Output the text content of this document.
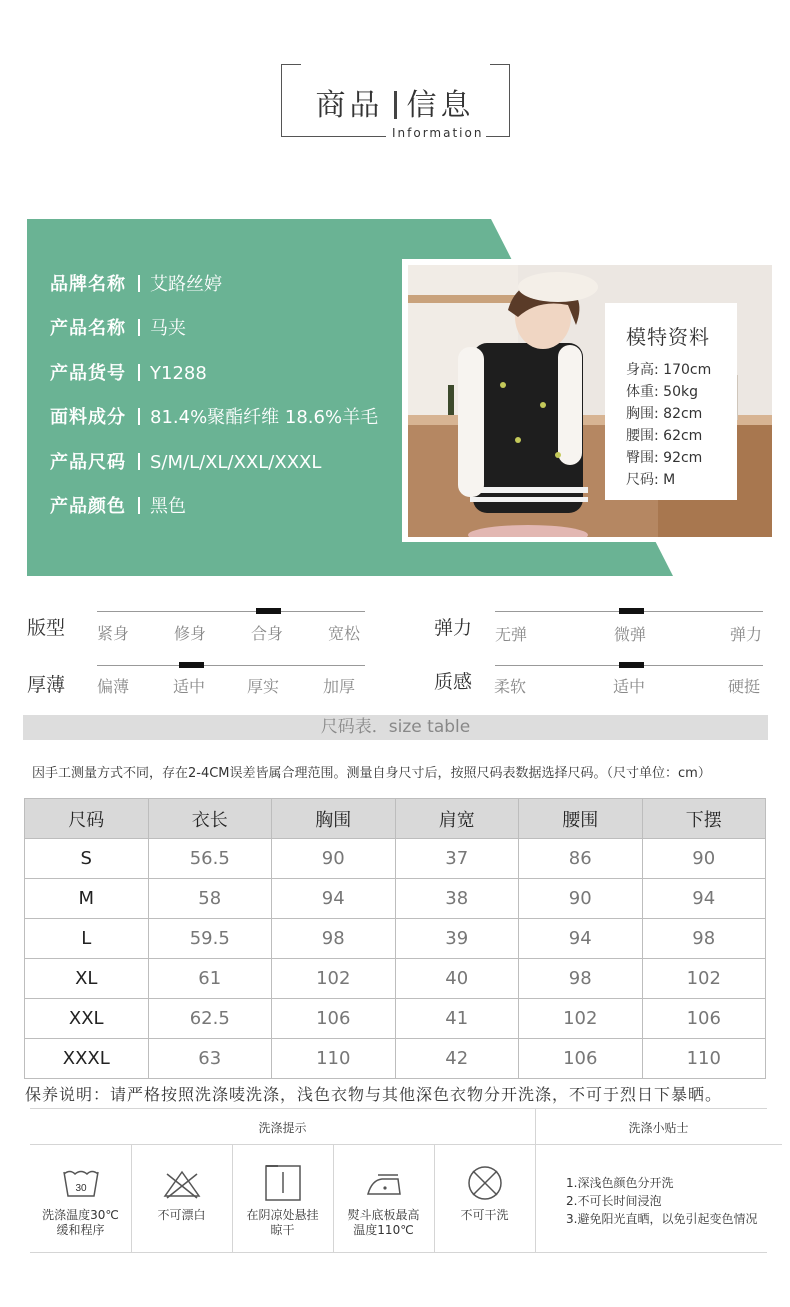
商品 信息
Information
品牌名称 艾路丝婷
产品名称 马夹
产品货号 Y1288
面料成分 81.4%聚酯纤维 18.6%羊毛
产品尺码 S/M/L/XL/XXL/XXXL
产品颜色 黑色
模特资料
身高: 170cm
体重: 50kg
胸围: 82cm
腰围: 62cm
臀围: 92cm
尺码: M
版型 紧身	修身	合身	宽松	弹力 无弹	微弹	弹力
厚薄 偏薄	适中	厚实	加厚	质感 柔软	适中	硬挺
尺码表．size table
因手工测量方式不同，存在2-4CM误差皆属合理范围。测量自身尺寸后，按照尺码表数据选择尺码。（尺寸单位：cm）
尺码	衣长	胸围	肩宽	腰围	下摆
S	56.5	90	37	86	90
M	58	94	38	90	94
L	59.5	98	39	94	98
XL	61	102	40	98	102
XXL	62.5	106	41	102	106
XXXL	63	110	42	106	110
保养说明：请严格按照洗涤唛洗涤，浅色衣物与其他深色衣物分开洗涤，不可于烈日下暴晒。
洗涤提示	洗涤小贴士
30
洗涤温度30℃
缓和程序
不可漂白	在阴凉处悬挂
晾干
熨斗底板最高
温度110℃
不可干洗
1.深浅色颜色分开洗
2.不可长时间浸泡
3.避免阳光直晒，以免引起变色情况
